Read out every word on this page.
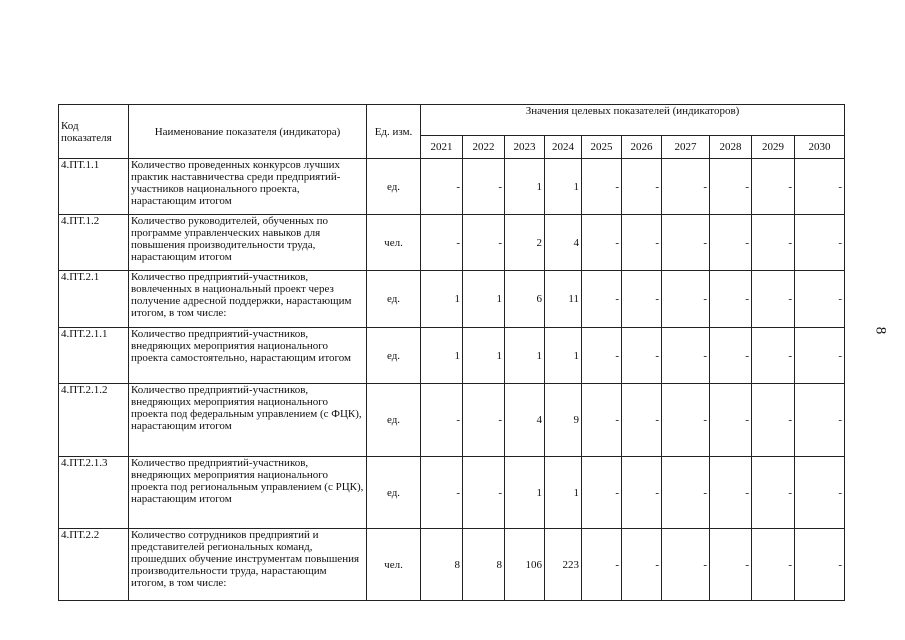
Код показателя	Наименование показателя (индикатора)	Ед. изм.	Значения целевых показателей (индикаторов)									
			2021	2022	2023	2024	2025	2026	2027	2028	2029	2030
4.ПТ.1.1	Количество проведенных конкурсов лучших практик наставничества среди предприятий-участников национального проекта, нарастающим итогом	ед.	-	-	1	1	-	-	-	-	-	-
4.ПТ.1.2	Количество руководителей, обученных по программе управленческих навыков для повышения производительности труда, нарастающим итогом	чел.	-	-	2	4	-	-	-	-	-	-
4.ПТ.2.1	Количество предприятий-участников, вовлеченных в национальный проект через получение адресной поддержки, нарастающим итогом, в том числе:	ед.	1	1	6	11	-	-	-	-	-	-
4.ПТ.2.1.1	Количество предприятий-участников, внедряющих мероприятия национального проекта самостоятельно, нарастающим итогом	ед.	1	1	1	1	-	-	-	-	-	-
4.ПТ.2.1.2	Количество предприятий-участников, внедряющих мероприятия национального проекта под федеральным управлением (с ФЦК), нарастающим итогом	ед.	-	-	4	9	-	-	-	-	-	-
4.ПТ.2.1.3	Количество предприятий-участников, внедряющих мероприятия национального проекта под региональным управлением (с РЦК), нарастающим итогом	ед.	-	-	1	1	-	-	-	-	-	-
4.ПТ.2.2	Количество сотрудников предприятий и представителей региональных команд, прошедших обучение инструментам повышения производительности труда, нарастающим итогом, в том числе:	чел.	8	8	106	223	-	-	-	-	-	-
8
